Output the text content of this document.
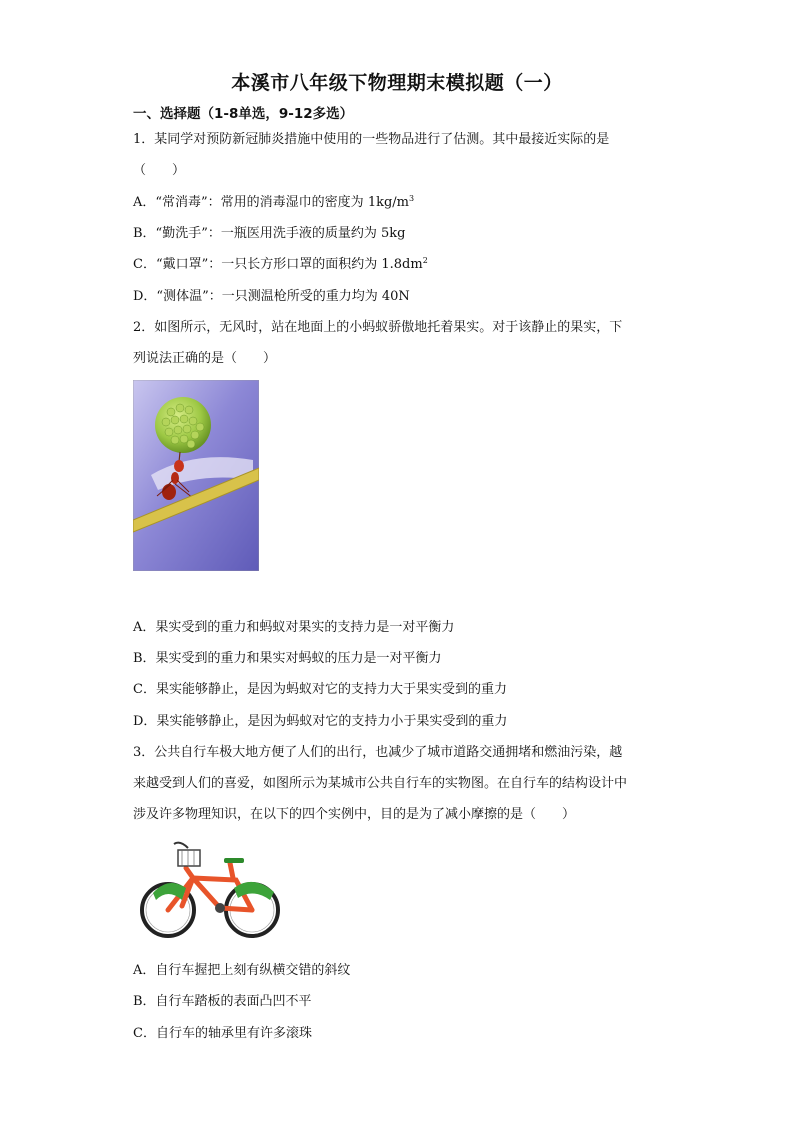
本溪市八年级下物理期末模拟题（一）
一、选择题（1-8单选，9-12多选）
1．某同学对预防新冠肺炎措施中使用的一些物品进行了估测。其中最接近实际的是
（　　）
A．“常消毒”：常用的消毒湿巾的密度为 $1kg/m^3$
B．“勤洗手”：一瓶医用洗手液的质量约为 5kg
C．“戴口罩”：一只长方形口罩的面积约为 $1.8dm^2$
D．“测体温”：一只测温枪所受的重力均为 40N
2．如图所示，无风时，站在地面上的小蚂蚁骄傲地托着果实。对于该静止的果实，下
列说法正确的是（　　）
A．果实受到的重力和蚂蚁对果实的支持力是一对平衡力
B．果实受到的重力和果实对蚂蚁的压力是一对平衡力
C．果实能够静止，是因为蚂蚁对它的支持力大于果实受到的重力
D．果实能够静止，是因为蚂蚁对它的支持力小于果实受到的重力
3．公共自行车极大地方便了人们的出行，也减少了城市道路交通拥堵和燃油污染，越
来越受到人们的喜爱，如图所示为某城市公共自行车的实物图。在自行车的结构设计中
涉及许多物理知识，在以下的四个实例中，目的是为了减小摩擦的是（　　）
A．自行车握把上刻有纵横交错的斜纹
B．自行车踏板的表面凸凹不平
C．自行车的轴承里有许多滚珠
